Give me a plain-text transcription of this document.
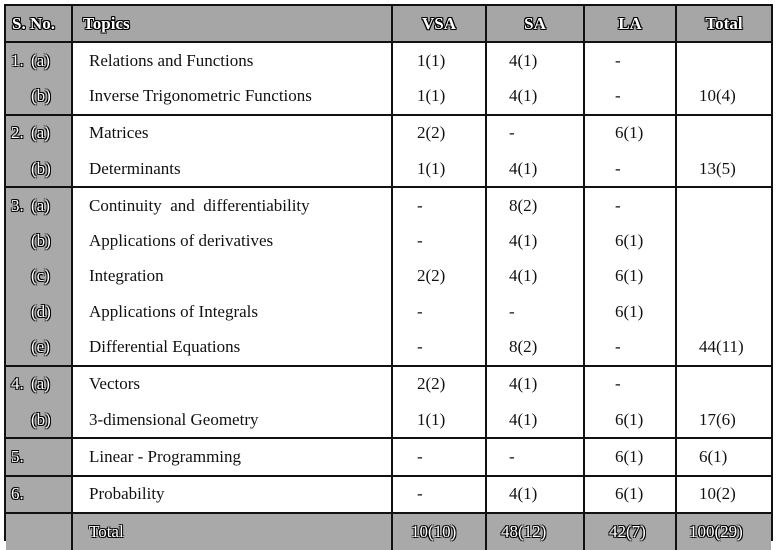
S. No.	Topics	VSA	SA	LA	Total
1. (a)	Relations and Functions	1(1)	4(1)	-	
(b)	Inverse Trigonometric Functions	1(1)	4(1)	-	10(4)
2. (a)	Matrices	2(2)	-	6(1)	
(b)	Determinants	1(1)	4(1)	-	13(5)
3. (a)	Continuity  and  differentiability	-	8(2)	-	
(b)	Applications of derivatives	-	4(1)	6(1)	
(c)	Integration	2(2)	4(1)	6(1)	
(d)	Applications of Integrals	-	-	6(1)	
(e)	Differential Equations	-	8(2)	-	44(11)
4. (a)	Vectors	2(2)	4(1)	-	
(b)	3-dimensional Geometry	1(1)	4(1)	6(1)	17(6)
5.	Linear - Programming	-	-	6(1)	6(1)
6.	Probability	-	4(1)	6(1)	10(2)
	Total	10(10)	48(12)	42(7)	100(29)
